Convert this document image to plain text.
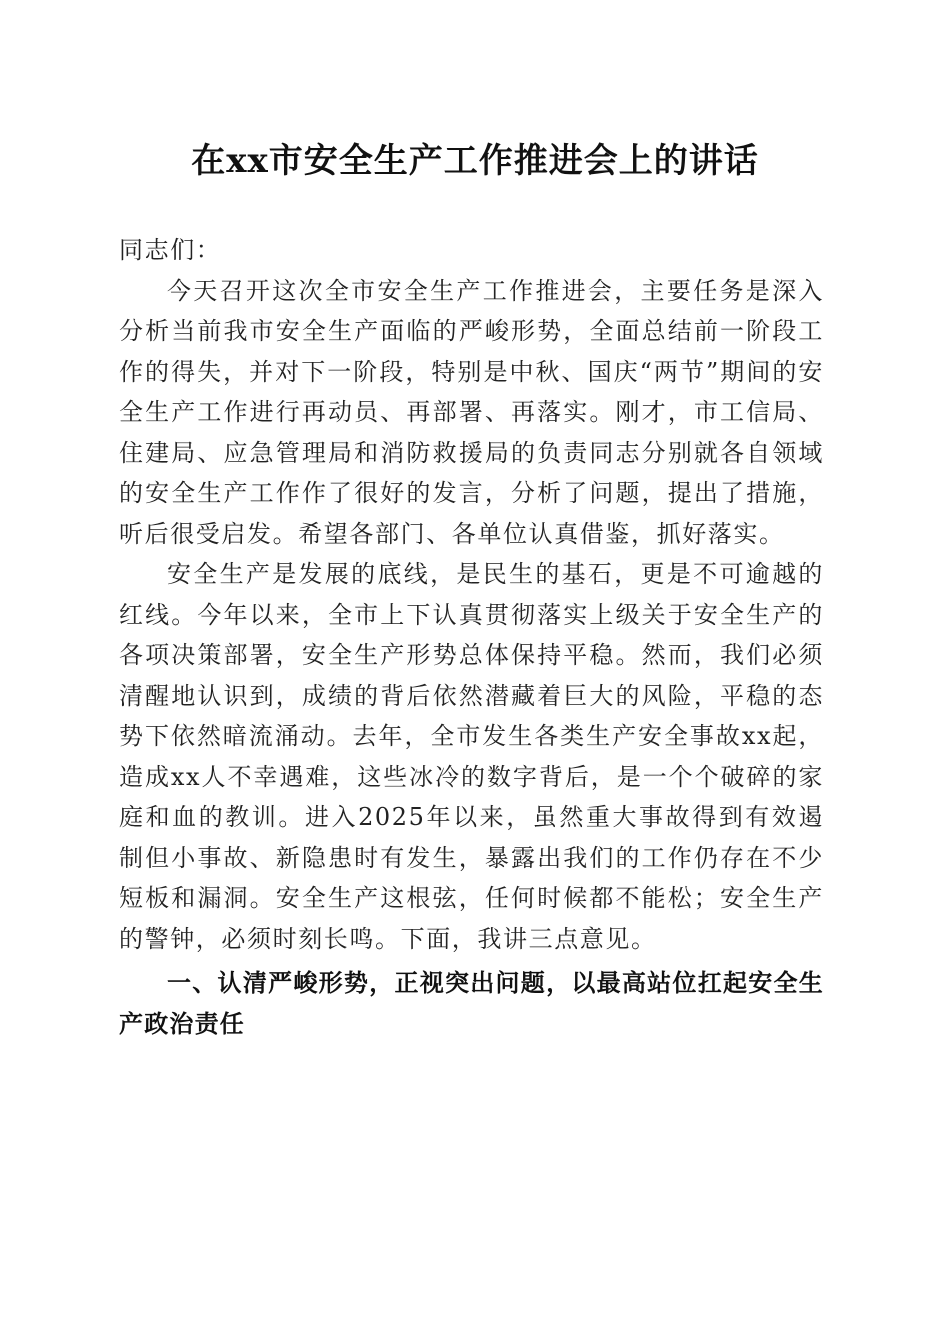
在xx市安全生产工作推进会上的讲话

同志们：

今天召开这次全市安全生产工作推进会，主要任务是深入分析当前我市安全生产面临的严峻形势，全面总结前一阶段工作的得失，并对下一阶段，特别是中秋、国庆“两节”期间的安全生产工作进行再动员、再部署、再落实。刚才，市工信局、住建局、应急管理局和消防救援局的负责同志分别就各自领域的安全生产工作作了很好的发言，分析了问题，提出了措施，听后很受启发。希望各部门、各单位认真借鉴，抓好落实。

安全生产是发展的底线，是民生的基石，更是不可逾越的红线。今年以来，全市上下认真贯彻落实上级关于安全生产的各项决策部署，安全生产形势总体保持平稳。然而，我们必须清醒地认识到，成绩的背后依然潜藏着巨大的风险，平稳的态势下依然暗流涌动。去年，全市发生各类生产安全事故xx起，造成xx人不幸遇难，这些冰冷的数字背后，是一个个破碎的家庭和血的教训。进入2025年以来，虽然重大事故得到有效遏制但小事故、新隐患时有发生，暴露出我们的工作仍存在不少短板和漏洞。安全生产这根弦，任何时候都不能松；安全生产的警钟，必须时刻长鸣。下面，我讲三点意见。

一、认清严峻形势，正视突出问题，以最高站位扛起安全生产政治责任
